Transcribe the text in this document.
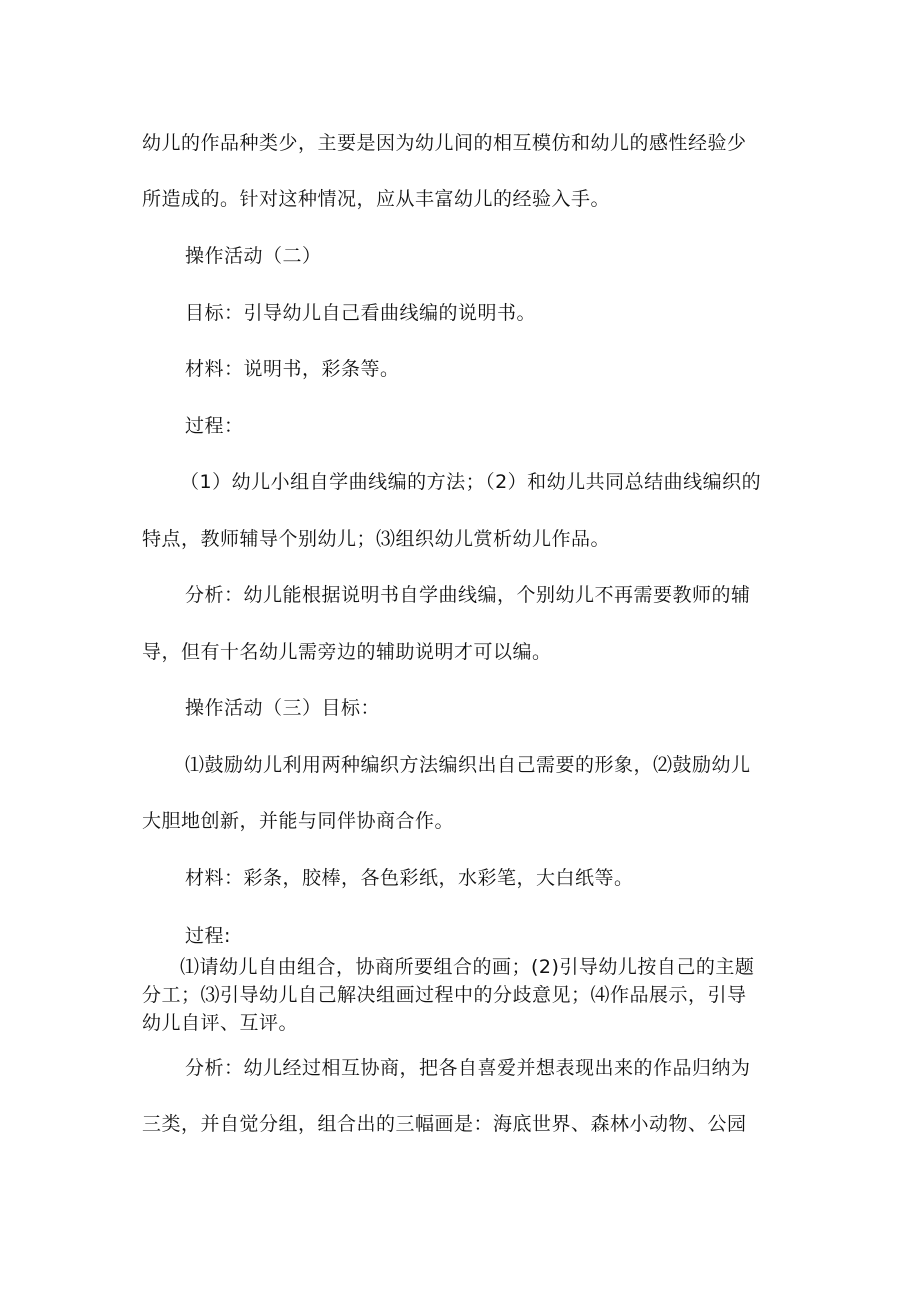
幼儿的作品种类少，主要是因为幼儿间的相互模仿和幼儿的感性经验少
所造成的。针对这种情况，应从丰富幼儿的经验入手。
操作活动（二）
目标：引导幼儿自己看曲线编的说明书。
材料：说明书，彩条等。
过程：
（1）幼儿小组自学曲线编的方法；（2）和幼儿共同总结曲线编织的
特点，教师辅导个别幼儿；⑶组织幼儿赏析幼儿作品。
分析：幼儿能根据说明书自学曲线编，个别幼儿不再需要教师的辅
导，但有十名幼儿需旁边的辅助说明才可以编。
操作活动（三）目标：
⑴鼓励幼儿利用两种编织方法编织出自己需要的形象，⑵鼓励幼儿
大胆地创新，并能与同伴协商合作。
材料：彩条，胶棒，各色彩纸，水彩笔，大白纸等。
过程:
⑴请幼儿自由组合，协商所要组合的画；(2)引导幼儿按自己的主题
分工；⑶引导幼儿自己解决组画过程中的分歧意见；⑷作品展示，引导
幼儿自评、互评。
分析：幼儿经过相互协商，把各自喜爱并想表现出来的作品归纳为
三类，并自觉分组，组合出的三幅画是：海底世界、森林小动物、公园
